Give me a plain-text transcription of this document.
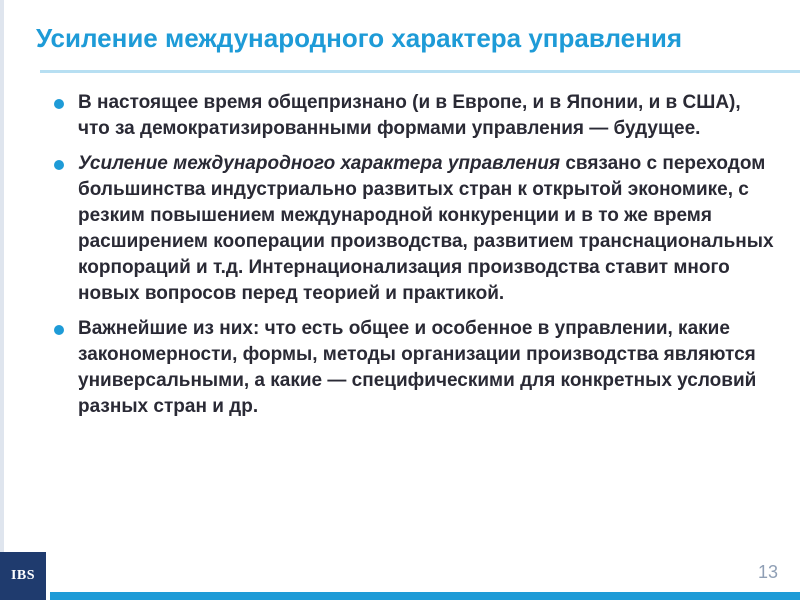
Усиление международного характера управления
В настоящее время общепризнано (и в Европе, и в Японии, и в США), что за демократизированными формами управления — будущее.
Усиление международного характера управления связано с переходом большинства индустриально развитых стран к открытой экономике, с резким повышением международной конкуренции и в то же время расширением кооперации производства, развитием транснациональных корпораций и т.д. Интернационализация производства ставит много новых вопросов перед теорией и практикой.
Важнейшие из них: что есть общее и особенное в управлении, какие закономерности, формы, методы организации производства являются универсальными, а какие — специфическими для конкретных условий разных стран и др.
IBS	13
